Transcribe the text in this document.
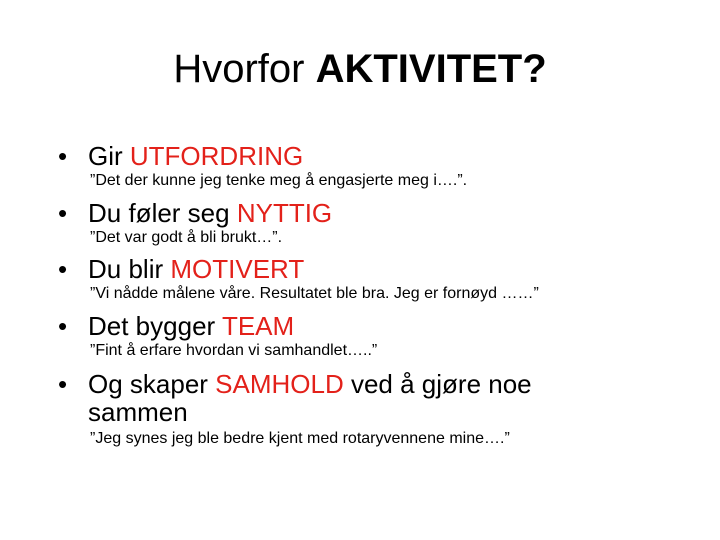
Hvorfor AKTIVITET?
• Gir UTFORDRING
”Det der kunne jeg tenke meg å engasjerte meg i….”.
• Du føler seg NYTTIG
”Det var godt å bli brukt…”.
• Du blir MOTIVERT
”Vi nådde målene våre. Resultatet ble bra. Jeg er fornøyd ……”
• Det bygger TEAM
”Fint å erfare hvordan vi samhandlet…..”
• Og skaper SAMHOLD ved å gjøre noe
sammen
”Jeg synes jeg ble bedre kjent med rotaryvennene mine….”
